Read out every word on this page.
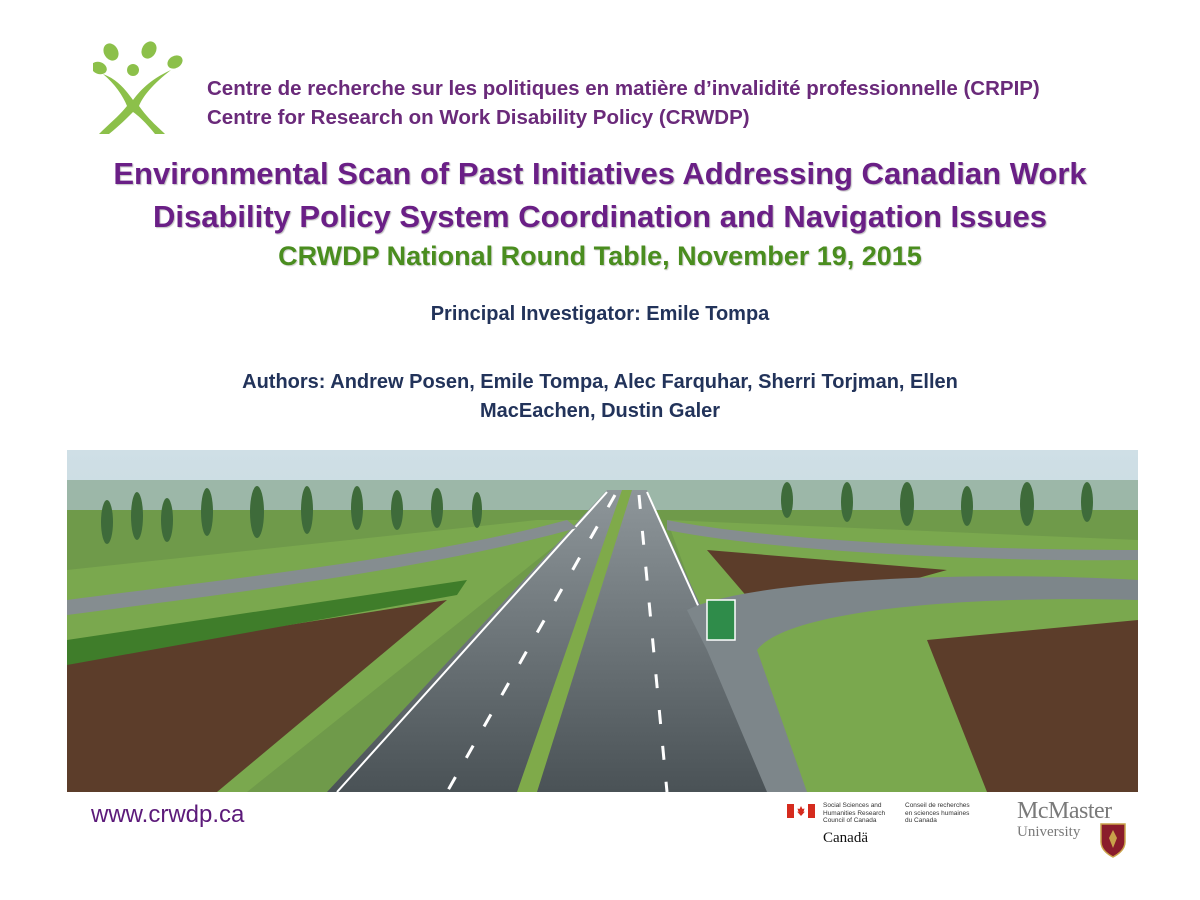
Centre de recherche sur les politiques en matière d’invalidité professionnelle (CRPIP)
Centre for Research on Work Disability Policy (CRWDP)
Environmental Scan of Past Initiatives Addressing Canadian Work
Disability Policy System Coordination and Navigation Issues
CRWDP National Round Table, November 19, 2015
Principal Investigator: Emile Tompa
Authors: Andrew Posen, Emile Tompa, Alec Farquhar, Sherri Torjman, Ellen
MacEachen, Dustin Galer
www.crwdp.ca	Social Sciences and
Humanities Research
Council of Canada
Conseil de recherches
en sciences humaines
du Canada
Canadä
McMaster
University
